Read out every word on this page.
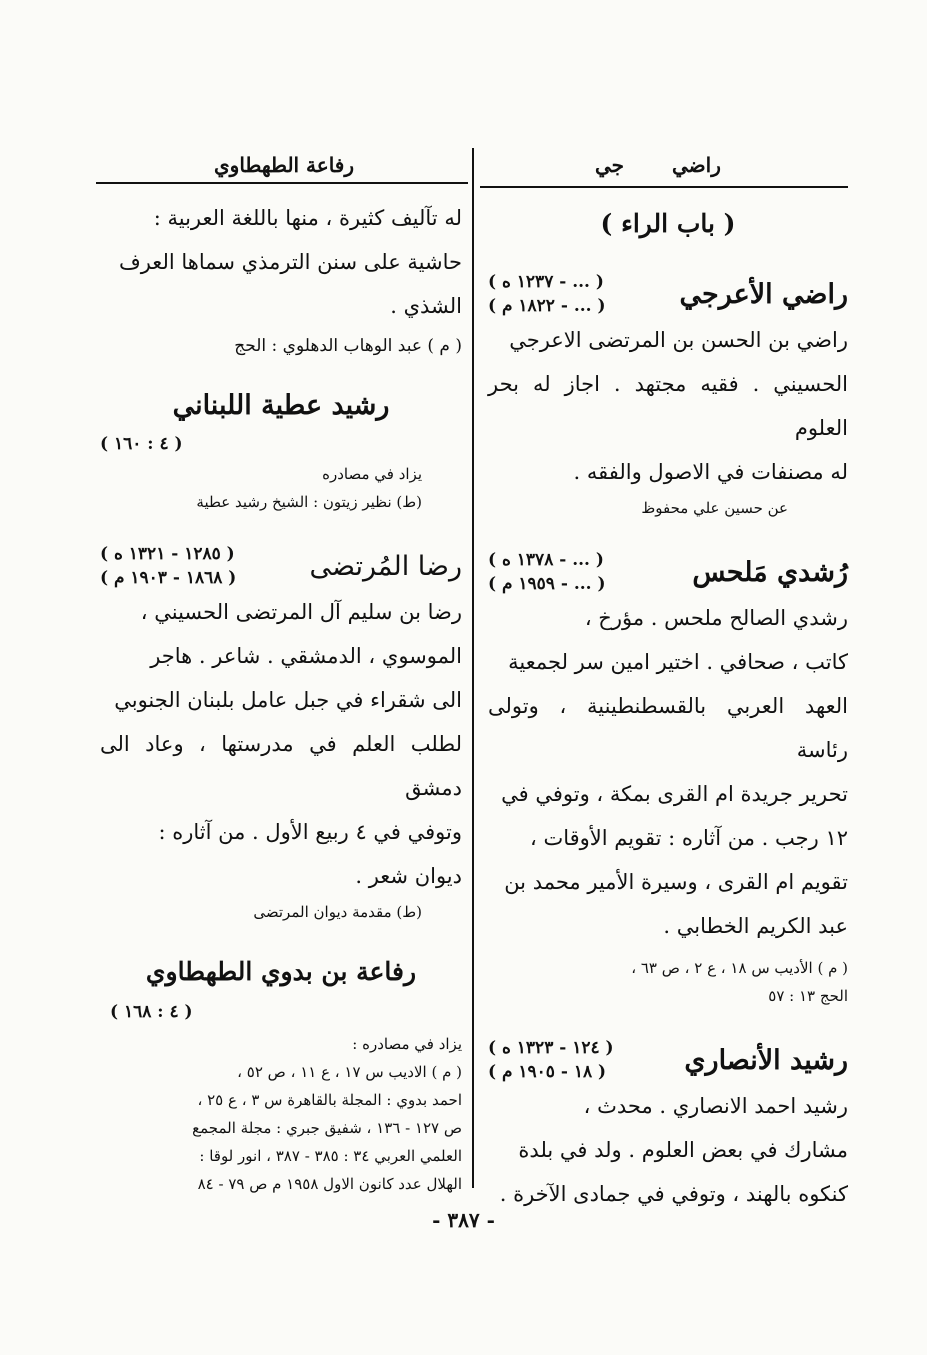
جي راضي
رفاعة الطهطاوي
( باب الراء )
راضي الأعرجي
( ... - ١٢٣٧ ه )
( ... - ١٨٢٢ م )

راضي بن الحسن بن المرتضى الاعرجي

الحسيني . فقيه مجتهد . اجاز له بحر العلوم

له مصنفات في الاصول والفقه .

عن حسين علي محفوظ

رُشدي مَلحس
( ... - ١٣٧٨ ه )
( ... - ١٩٥٩ م )

رشدي الصالح ملحس . مؤرخ ،

كاتب ، صحافي . اختير امين سر لجمعية

العهد العربي بالقسطنطينية ، وتولى رئاسة

تحرير جريدة ام القرى بمكة ، وتوفي في

١٢ رجب . من آثاره : تقويم الأوقات ،

تقويم ام القرى ، وسيرة الأمير محمد بن

عبد الكريم الخطابي .

( م ) الأديب س ١٨ ، ع ٢ ، ص ٦٣ ،

الحج ١٣ : ٥٧

رشيد الأنصاري
( ١٢٤ - ١٣٢٣ ه )
( ١٨ - ١٩٠٥ م )

رشيد احمد الانصاري . محدث ،

مشارك في بعض العلوم . ولد في بلدة

كنكوه بالهند ، وتوفي في جمادى الآخرة .

له تآليف كثيرة ، منها باللغة العربية :

حاشية على سنن الترمذي سماها العرف

الشذي .

( م ) عبد الوهاب الدهلوي : الحج

رشيد عطية اللبناني
( ٤ : ١٦٠ )

يزاد في مصادره

(ط) نظير زيتون : الشيخ رشيد عطية

رضا المُرتضى
( ١٢٨٥ - ١٣٢١ ه )
( ١٨٦٨ - ١٩٠٣ م )

رضا بن سليم آل المرتضى الحسيني ،

الموسوي ، الدمشقي . شاعر . هاجر

الى شقراء في جبل عامل بلبنان الجنوبي

لطلب العلم في مدرستها ، وعاد الى دمشق

وتوفي في ٤ ربيع الأول . من آثاره :

ديوان شعر .

(ط) مقدمة ديوان المرتضى

رفاعة بن بدوي الطهطاوي
( ٤ : ١٦٨ )

يزاد في مصادره :

( م ) الاديب س ١٧ ، ع ١١ ، ص ٥٢ ،

احمد بدوي : المجلة بالقاهرة س ٣ ، ع ٢٥ ،

ص ١٢٧ - ١٣٦ ، شفيق جبري : مجلة المجمع

العلمي العربي ٣٤ : ٣٨٥ - ٣٨٧ ، انور لوقا :

الهلال عدد كانون الاول ١٩٥٨ م ص ٧٩ - ٨٤

- ٣٨٧ -
